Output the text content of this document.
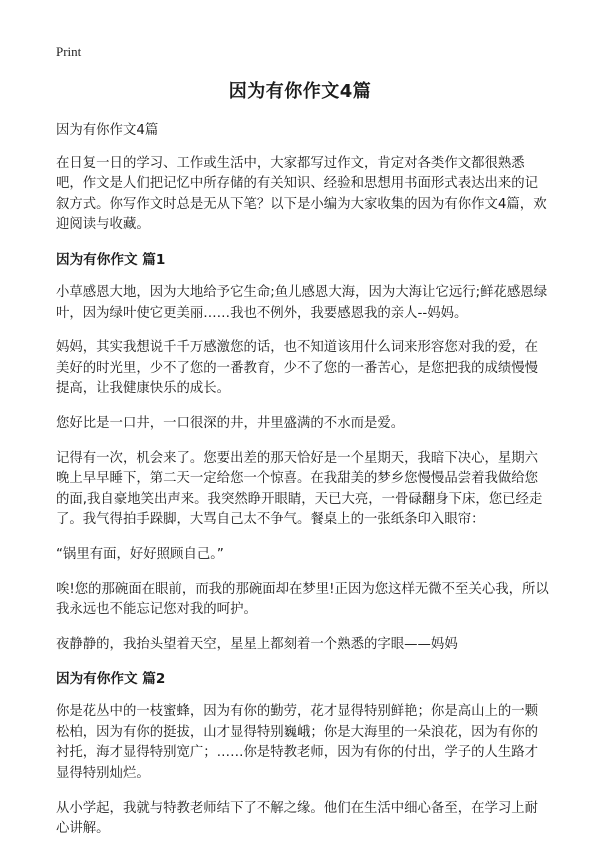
Print
因为有你作文4篇

因为有你作文4篇

在日复一日的学习、工作或生活中，大家都写过作文，肯定对各类作文都很熟悉吧，作文是人们把记忆中所存储的有关知识、经验和思想用书面形式表达出来的记叙方式。你写作文时总是无从下笔？以下是小编为大家收集的因为有你作文4篇，欢迎阅读与收藏。

因为有你作文 篇1

小草感恩大地，因为大地给予它生命;鱼儿感恩大海，因为大海让它远行;鲜花感恩绿叶，因为绿叶使它更美丽……我也不例外，我要感恩我的亲人--妈妈。

妈妈，其实我想说千千万感激您的话，也不知道该用什么词来形容您对我的爱，在美好的时光里，少不了您的一番教育，少不了您的一番苦心，是您把我的成绩慢慢提高，让我健康快乐的成长。

您好比是一口井，一口很深的井，井里盛满的不水而是爱。

记得有一次，机会来了。您要出差的那天恰好是一个星期天，我暗下决心，星期六晚上早早睡下，第二天一定给您一个惊喜。在我甜美的梦乡您慢慢品尝着我做给您的面,我自豪地笑出声来。我突然睁开眼睛，天已大亮，一骨碌翻身下床，您已经走了。我气得拍手跺脚，大骂自己太不争气。餐桌上的一张纸条印入眼帘：

“锅里有面，好好照顾自己。”

唉!您的那碗面在眼前，而我的那碗面却在梦里!正因为您这样无微不至关心我，所以我永远也不能忘记您对我的呵护。

夜静静的，我抬头望着天空，星星上都刻着一个熟悉的字眼——妈妈

因为有你作文 篇2

你是花丛中的一枝蜜蜂，因为有你的勤劳，花才显得特别鲜艳；你是高山上的一颗松柏，因为有你的挺拔，山才显得特别巍峨；你是大海里的一朵浪花，因为有你的衬托，海才显得特别宽广；……你是特教老师，因为有你的付出，学子的人生路才显得特别灿烂。

从小学起，我就与特教老师结下了不解之缘。他们在生活中细心备至，在学习上耐心讲解。
